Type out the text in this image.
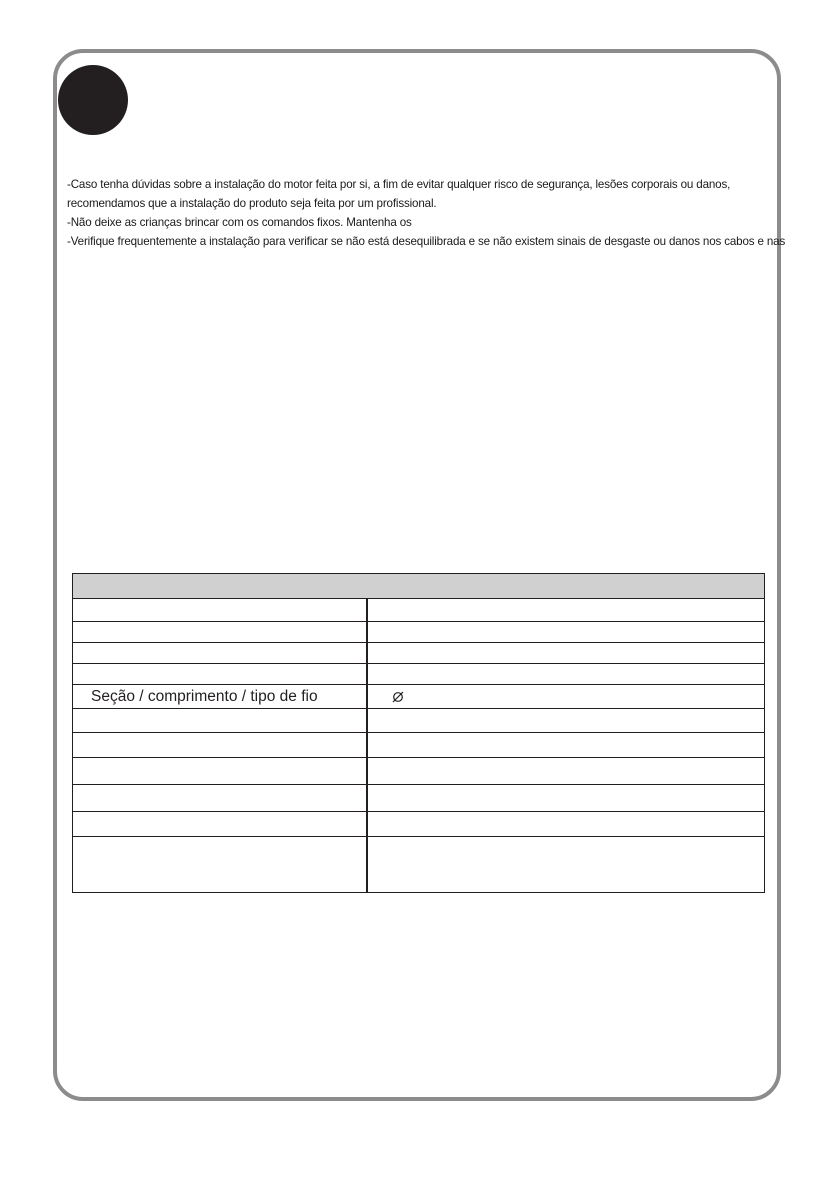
-Caso tenha dúvidas sobre a instalação do motor feita por si, a fim de evitar qualquer risco de segurança, lesões corporais ou danos,

recomendamos que a instalação do produto seja feita por um profissional.

-Não deixe as crianças brincar com os comandos fixos. Mantenha os

-Verifique frequentemente a instalação para verificar se não está desequilibrada e se não existem sinais de desgaste ou danos nos cabos e nas

Seção / comprimento / tipo de fio
